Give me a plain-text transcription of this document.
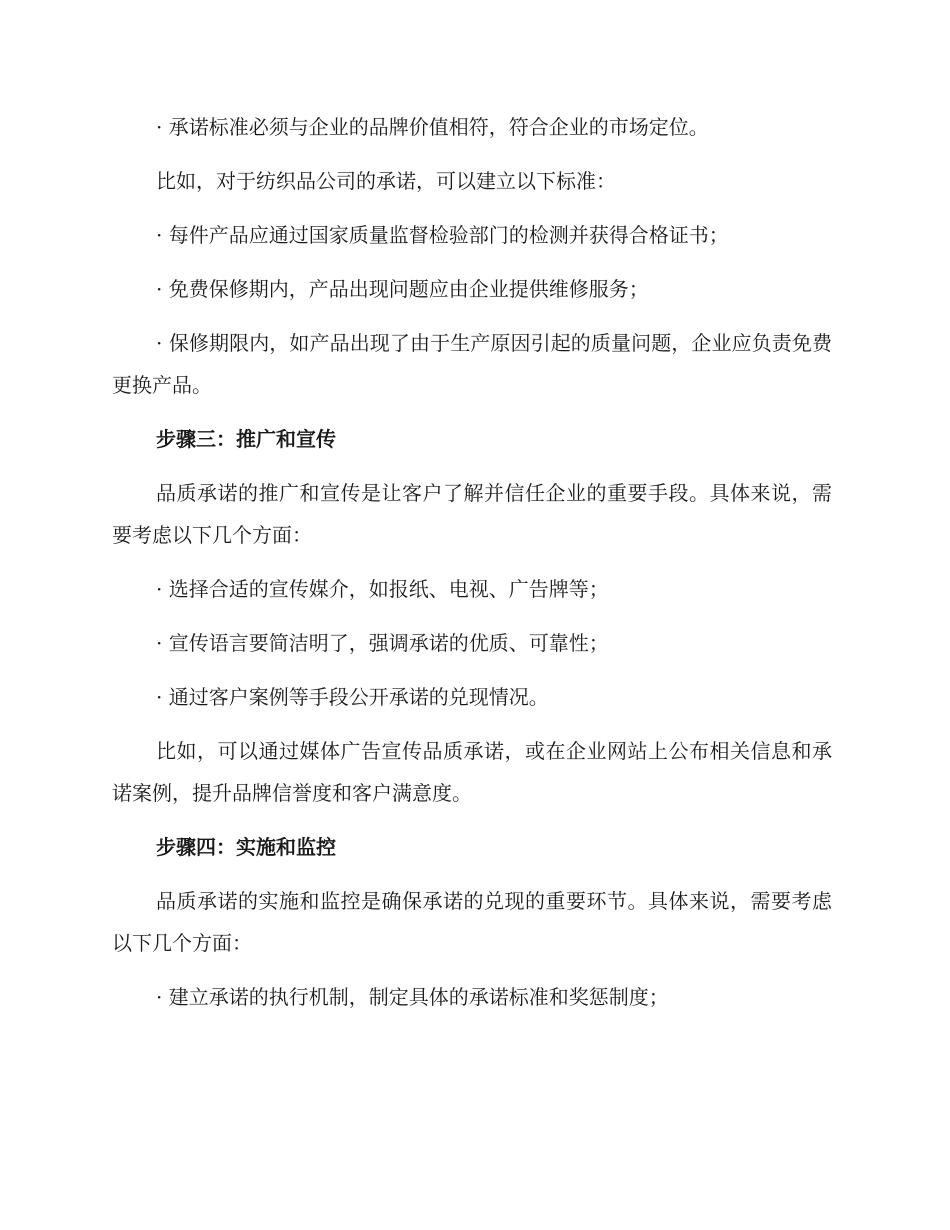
· 承诺标准必须与企业的品牌价值相符，符合企业的市场定位。

比如，对于纺织品公司的承诺，可以建立以下标准：

· 每件产品应通过国家质量监督检验部门的检测并获得合格证书；

· 免费保修期内，产品出现问题应由企业提供维修服务；

· 保修期限内，如产品出现了由于生产原因引起的质量问题，企业应负责免费更换产品。

步骤三：推广和宣传

品质承诺的推广和宣传是让客户了解并信任企业的重要手段。具体来说，需要考虑以下几个方面：

· 选择合适的宣传媒介，如报纸、电视、广告牌等；

· 宣传语言要简洁明了，强调承诺的优质、可靠性；

· 通过客户案例等手段公开承诺的兑现情况。

比如，可以通过媒体广告宣传品质承诺，或在企业网站上公布相关信息和承诺案例，提升品牌信誉度和客户满意度。

步骤四：实施和监控

品质承诺的实施和监控是确保承诺的兑现的重要环节。具体来说，需要考虑以下几个方面：

· 建立承诺的执行机制，制定具体的承诺标准和奖惩制度；
